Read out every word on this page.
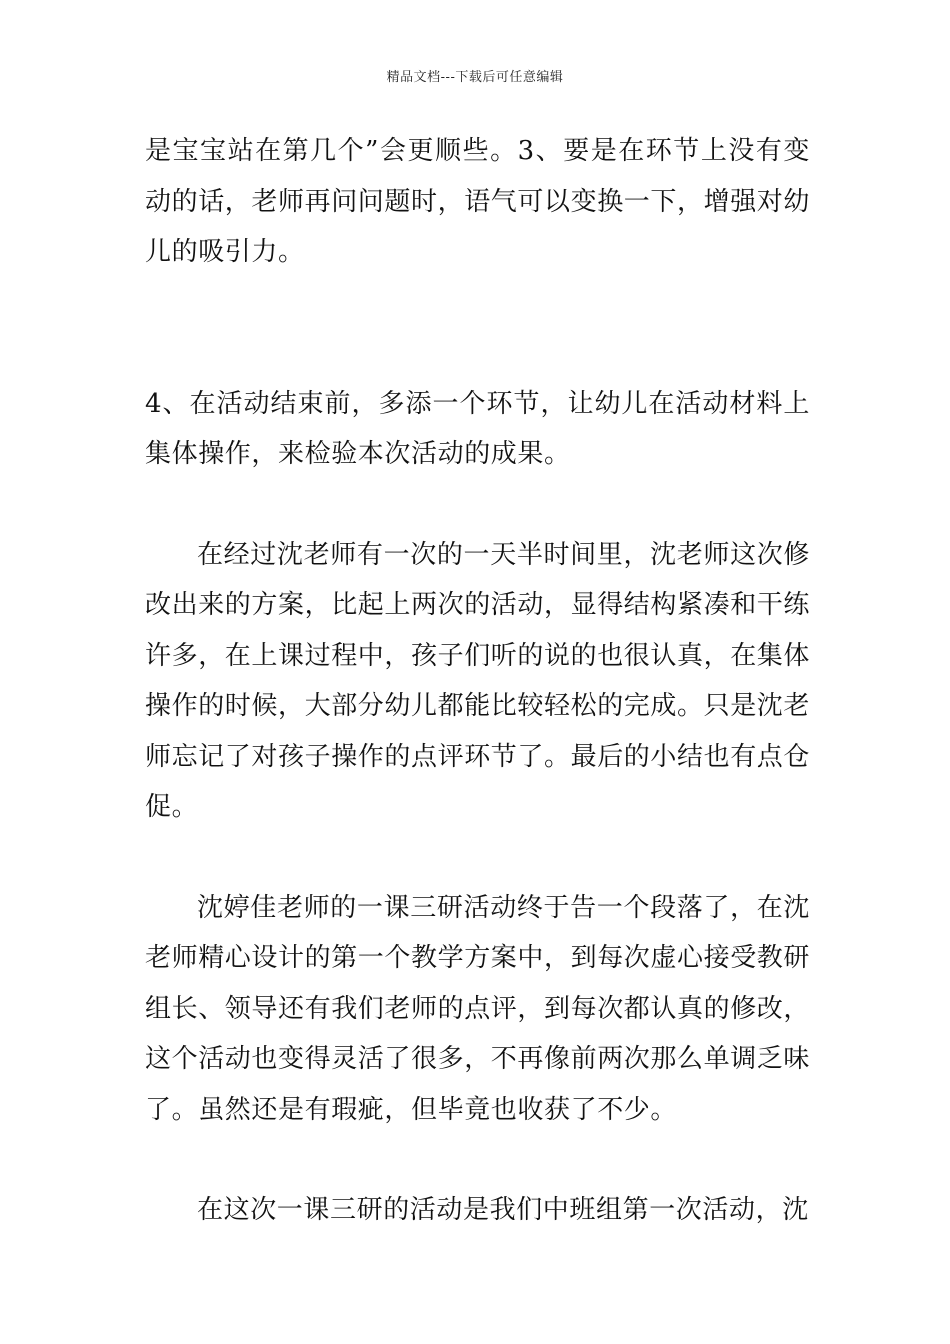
精品文档---下载后可任意编辑

是宝宝站在第几个”会更顺些。3、要是在环节上没有变动的话，老师再问问题时，语气可以变换一下，增强对幼儿的吸引力。

4、在活动结束前，多添一个环节，让幼儿在活动材料上集体操作，来检验本次活动的成果。

在经过沈老师有一次的一天半时间里，沈老师这次修改出来的方案，比起上两次的活动，显得结构紧凑和干练许多，在上课过程中，孩子们听的说的也很认真，在集体操作的时候，大部分幼儿都能比较轻松的完成。只是沈老师忘记了对孩子操作的点评环节了。最后的小结也有点仓促。

沈婷佳老师的一课三研活动终于告一个段落了，在沈老师精心设计的第一个教学方案中，到每次虚心接受教研组长、领导还有我们老师的点评，到每次都认真的修改，这个活动也变得灵活了很多，不再像前两次那么单调乏味了。虽然还是有瑕疵，但毕竟也收获了不少。

在这次一课三研的活动是我们中班组第一次活动，沈
